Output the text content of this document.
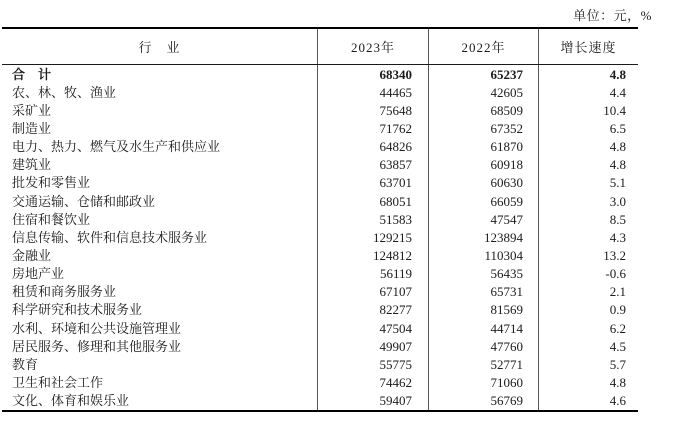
单位：元，%
行　业	2023年	2022年	增长速度
合　计	68340	65237	4.8
农、林、牧、渔业	44465	42605	4.4
采矿业	75648	68509	10.4
制造业	71762	67352	6.5
电力、热力、燃气及水生产和供应业	64826	61870	4.8
建筑业	63857	60918	4.8
批发和零售业	63701	60630	5.1
交通运输、仓储和邮政业	68051	66059	3.0
住宿和餐饮业	51583	47547	8.5
信息传输、软件和信息技术服务业	129215	123894	4.3
金融业	124812	110304	13.2
房地产业	56119	56435	-0.6
租赁和商务服务业	67107	65731	2.1
科学研究和技术服务业	82277	81569	0.9
水利、环境和公共设施管理业	47504	44714	6.2
居民服务、修理和其他服务业	49907	47760	4.5
教育	55775	52771	5.7
卫生和社会工作	74462	71060	4.8
文化、体育和娱乐业	59407	56769	4.6
